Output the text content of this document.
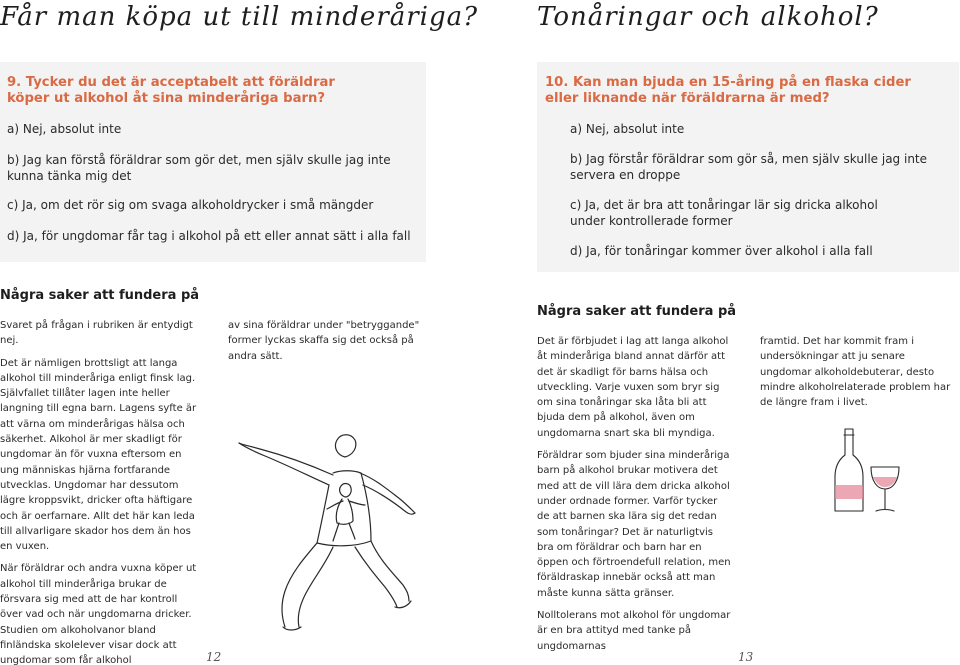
Får man köpa ut till minderåriga?
9. Tycker du det är acceptabelt att föräldrar köper ut alkohol åt sina minderåriga barn?
a) Nej, absolut inte
b) Jag kan förstå föräldrar som gör det, men själv skulle jag inte kunna tänka mig det
c) Ja, om det rör sig om svaga alkoholdrycker i små mängder
d) Ja, för ungdomar får tag i alkohol på ett eller annat sätt i alla fall
Några saker att fundera på

Svaret på frågan i rubriken är entydigt nej.

Det är nämligen brottsligt att langa alkohol till minderåriga enligt finsk lag. Självfallet tillåter lagen inte heller langning till egna barn. Lagens syfte är att värna om minderårigas hälsa och säkerhet. Alkohol är mer skadligt för ungdomar än för vuxna eftersom en ung människas hjärna fortfarande utvecklas. Ungdomar har dessutom lägre kroppsvikt, dricker ofta häftigare och är oerfarnare. Allt det här kan leda till allvarligare skador hos dem än hos en vuxen.

När föräldrar och andra vuxna köper ut alkohol till minderåriga brukar de försvara sig med att de har kontroll över vad och när ungdomarna dricker. Studien om alkoholvanor bland finländska skolelever visar dock att ungdomar som får alkohol

av sina föräldrar under "betryggande" former lyckas skaffa sig det också på andra sätt.

12
Tonåringar och alkohol?
10. Kan man bjuda en 15-åring på en flaska cider eller liknande när föräldrarna är med?
a) Nej, absolut inte
b) Jag förstår föräldrar som gör så, men själv skulle jag inte servera en droppe
c) Ja, det är bra att tonåringar lär sig dricka alkohol under kontrollerade former
d) Ja, för tonåringar kommer över alkohol i alla fall
Några saker att fundera på

Det är förbjudet i lag att langa alkohol åt minderåriga bland annat därför att det är skadligt för barns hälsa och utveckling. Varje vuxen som bryr sig om sina tonåringar ska låta bli att bjuda dem på alkohol, även om ungdomarna snart ska bli myndiga.

Föräldrar som bjuder sina minderåriga barn på alkohol brukar motivera det med att de vill lära dem dricka alkohol under ordnade former. Varför tycker de att barnen ska lära sig det redan som tonåringar? Det är naturligtvis bra om föräldrar och barn har en öppen och förtroendefull relation, men föräldraskap innebär också att man måste kunna sätta gränser.

Nolltolerans mot alkohol för ungdomar är en bra attityd med tanke på ungdomarnas

framtid. Det har kommit fram i undersökningar att ju senare ungdomar alkoholdebuterar, desto mindre alkoholrelaterade problem har de längre fram i livet.

13
